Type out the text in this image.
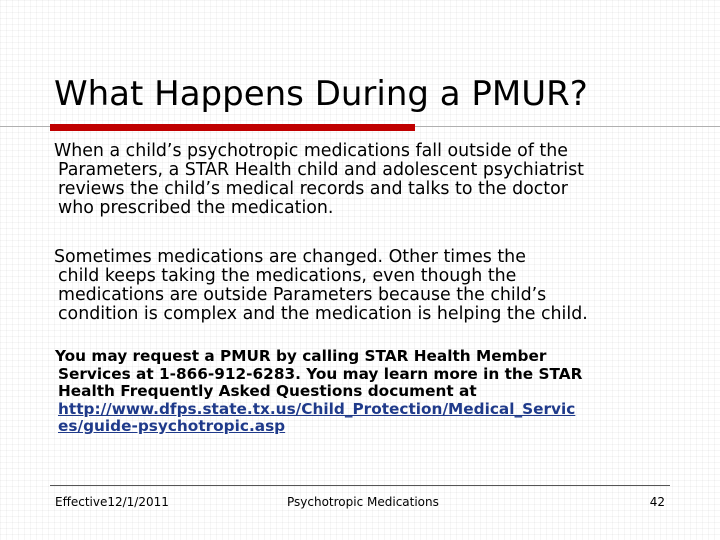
What Happens During a PMUR?

When a child’s psychotropic medications fall outside of the
Parameters, a STAR Health child and adolescent psychiatrist
reviews the child’s medical records and talks to the doctor
who prescribed the medication.

Sometimes medications are changed. Other times the
child keeps taking the medications, even though the
medications are outside Parameters because the child’s
condition is complex and the medication is helping the child.

You may request a PMUR by calling STAR Health Member
Services at 1-866-912-6283. You may learn more in the STAR
Health Frequently Asked Questions document at
http://www.dfps.state.tx.us/Child_Protection/Medical_Servic
es/guide-psychotropic.asp

Effective12/1/2011	Psychotropic Medications	42
